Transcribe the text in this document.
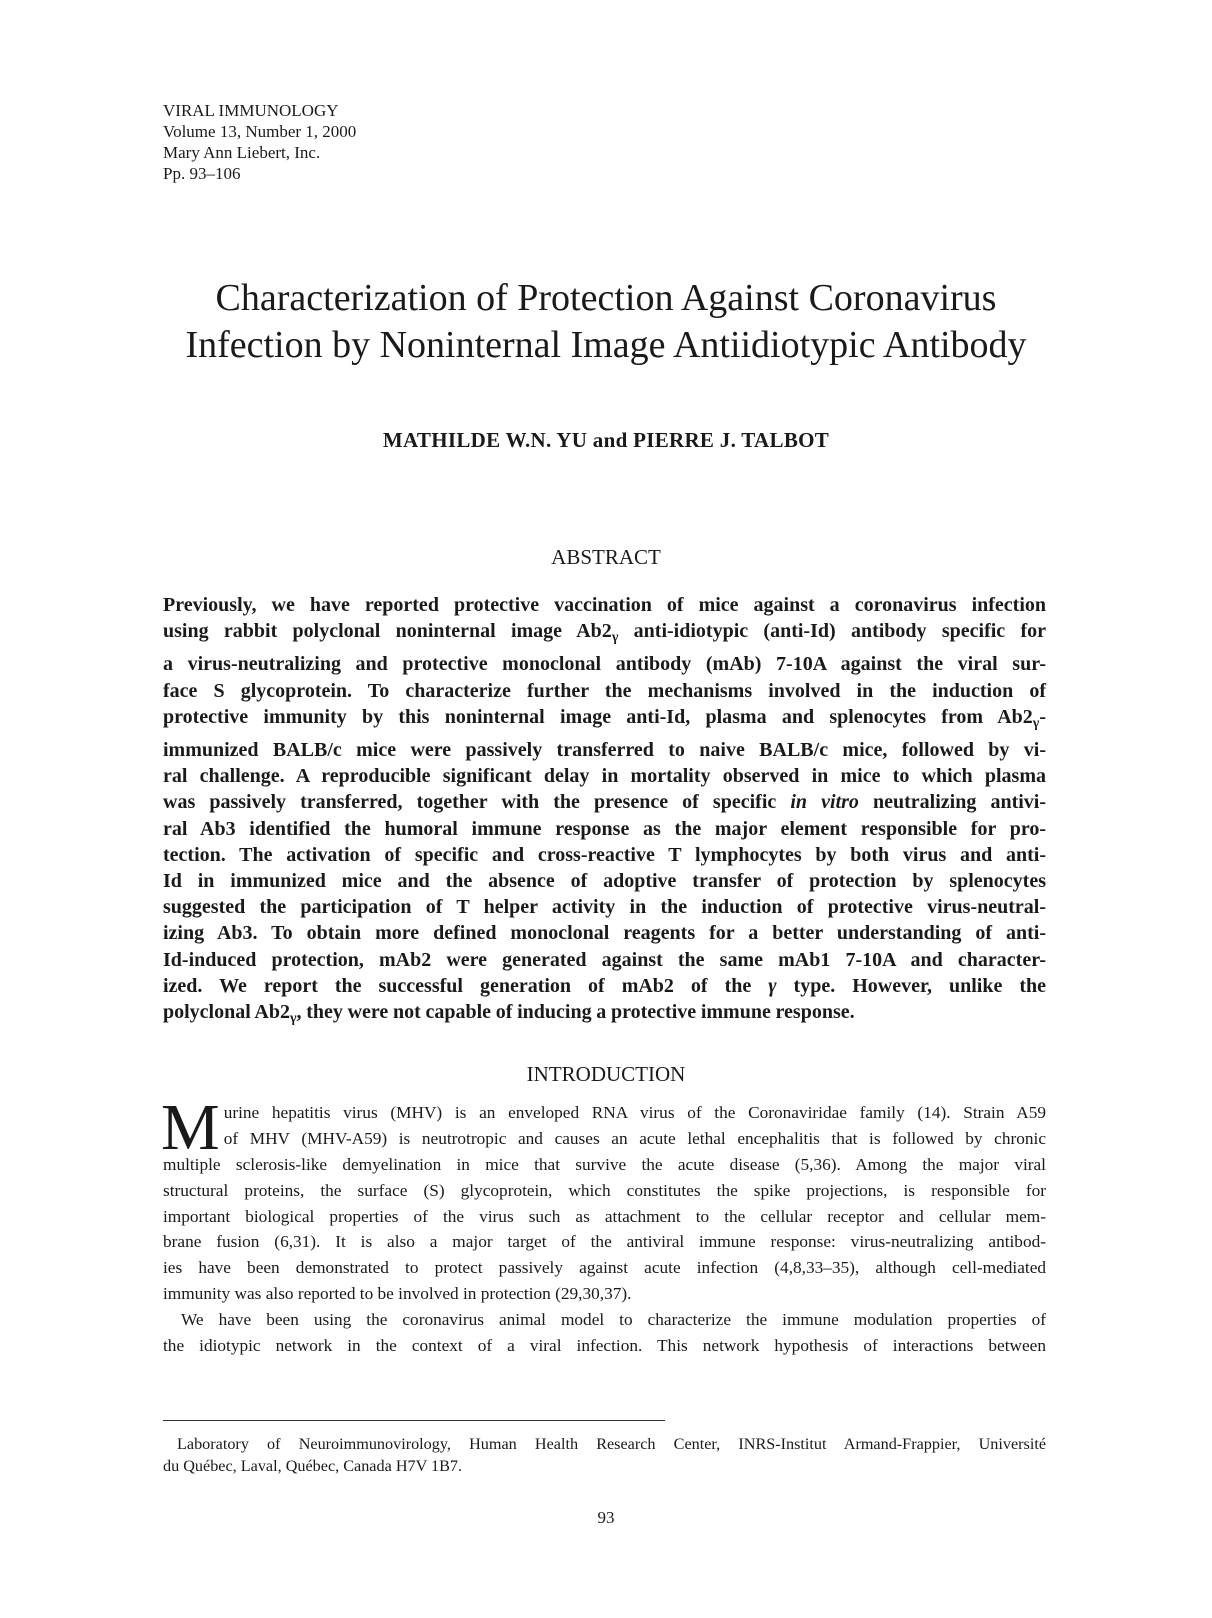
VIRAL IMMUNOLOGY
Volume 13, Number 1, 2000
Mary Ann Liebert, Inc.
Pp. 93–106
Characterization of Protection Against Coronavirus
Infection by Noninternal Image Antiidiotypic Antibody
MATHILDE W.N. YU and PIERRE J. TALBOT
ABSTRACT
Previously, we have reported protective vaccination of mice against a coronavirus infection
using rabbit polyclonal noninternal image $Ab2_\gamma$ anti-idiotypic (anti-Id) antibody specific for
a virus-neutralizing and protective monoclonal antibody (mAb) 7-10A against the viral sur-
face S glycoprotein. To characterize further the mechanisms involved in the induction of
protective immunity by this noninternal image anti-Id, plasma and splenocytes from $Ab2_\gamma-$
immunized BALB/c mice were passively transferred to naive BALB/c mice, followed by vi-
ral challenge. A reproducible significant delay in mortality observed in mice to which plasma
was passively transferred, together with the presence of specific in vitro neutralizing antivi-
ral Ab3 identified the humoral immune response as the major element responsible for pro-
tection. The activation of specific and cross-reactive T lymphocytes by both virus and anti-
Id in immunized mice and the absence of adoptive transfer of protection by splenocytes
suggested the participation of T helper activity in the induction of protective virus-neutral-
izing Ab3. To obtain more defined monoclonal reagents for a better understanding of anti-
Id-induced protection, mAb2 were generated against the same mAb1 7-10A and character-
ized. We report the successful generation of mAb2 of the γ type. However, unlike the
polyclonal $Ab2_\gamma$, they were not capable of inducing a protective immune response.
INTRODUCTION
M urine hepatitis virus (MHV) is an enveloped RNA virus of the Coronaviridae family (14). Strain A59
of MHV (MHV-A59) is neutrotropic and causes an acute lethal encephalitis that is followed by chronic
multiple sclerosis-like demyelination in mice that survive the acute disease (5,36). Among the major viral
structural proteins, the surface (S) glycoprotein, which constitutes the spike projections, is responsible for
important biological properties of the virus such as attachment to the cellular receptor and cellular mem-
brane fusion (6,31). It is also a major target of the antiviral immune response: virus-neutralizing antibod-
ies have been demonstrated to protect passively against acute infection (4,8,33–35), although cell-mediated
immunity was also reported to be involved in protection (29,30,37).
We have been using the coronavirus animal model to characterize the immune modulation properties of
the idiotypic network in the context of a viral infection. This network hypothesis of interactions between
Laboratory of Neuroimmunovirology, Human Health Research Center, INRS-Institut Armand-Frappier, Université
du Québec, Laval, Québec, Canada H7V 1B7.
93
